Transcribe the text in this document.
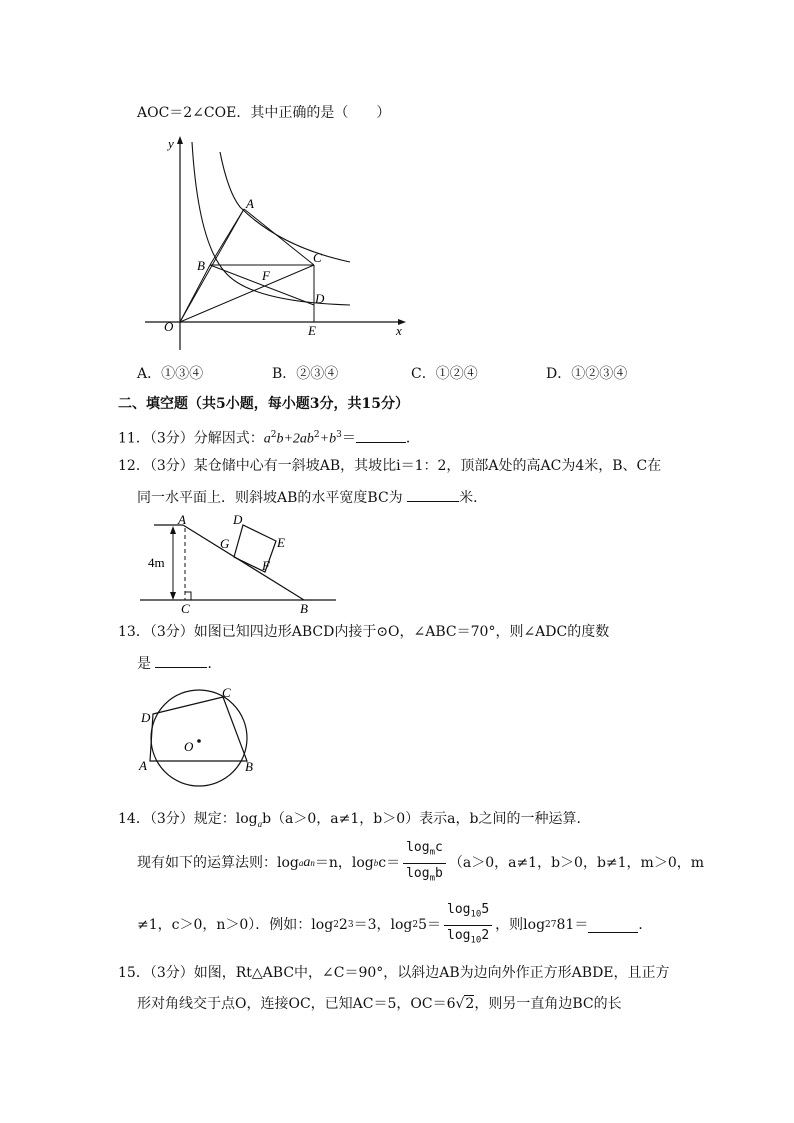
AOC＝2∠COE．其中正确的是（　　）
y
x
O
A
B
C
D
E
F
A．①③④	B．②③④	C．①②④	D．①②③④
二、填空题（共5小题，每小题3分，共15分）
11．（3分）分解因式：$a^2b+2ab^2+b^3=$	．
12．（3分）某仓储中心有一斜坡AB，其坡比i＝1：2，顶部A处的高AC为4米，B、C在
同一水平面上．则斜坡AB的水平宽度BC为	米．
A
B
C
D
E
F
G
4m
13．（3分）如图已知四边形ABCD内接于⊙O，∠ABC＝70°，则∠ADC的度数
是	．
A	B
C
D
O
14．（3分）规定：$\log_ab(a>0$，a≠1，b＞0）表示a，b之间的一种运算．
现有如下的运算法则：log a a n ＝n，log b $c= \frac{\log_mc}{\log_mb} (a>0$，a≠1，b＞0，b≠1，m＞0，m
≠1，c＞0，n＞0）．例如：log 2 2 3 ＝3，log 2 $5= \frac{\log_{10}5}{\log_{10}2}$ ，则log 27 81＝	．
15．（3分）如图，Rt△ABC中，∠C＝90°，以斜边AB为边向外作正方形ABDE，且正方
形对角线交于点O，连接OC，已知AC＝5，OC＝6√2，则另一直角边BC的长
